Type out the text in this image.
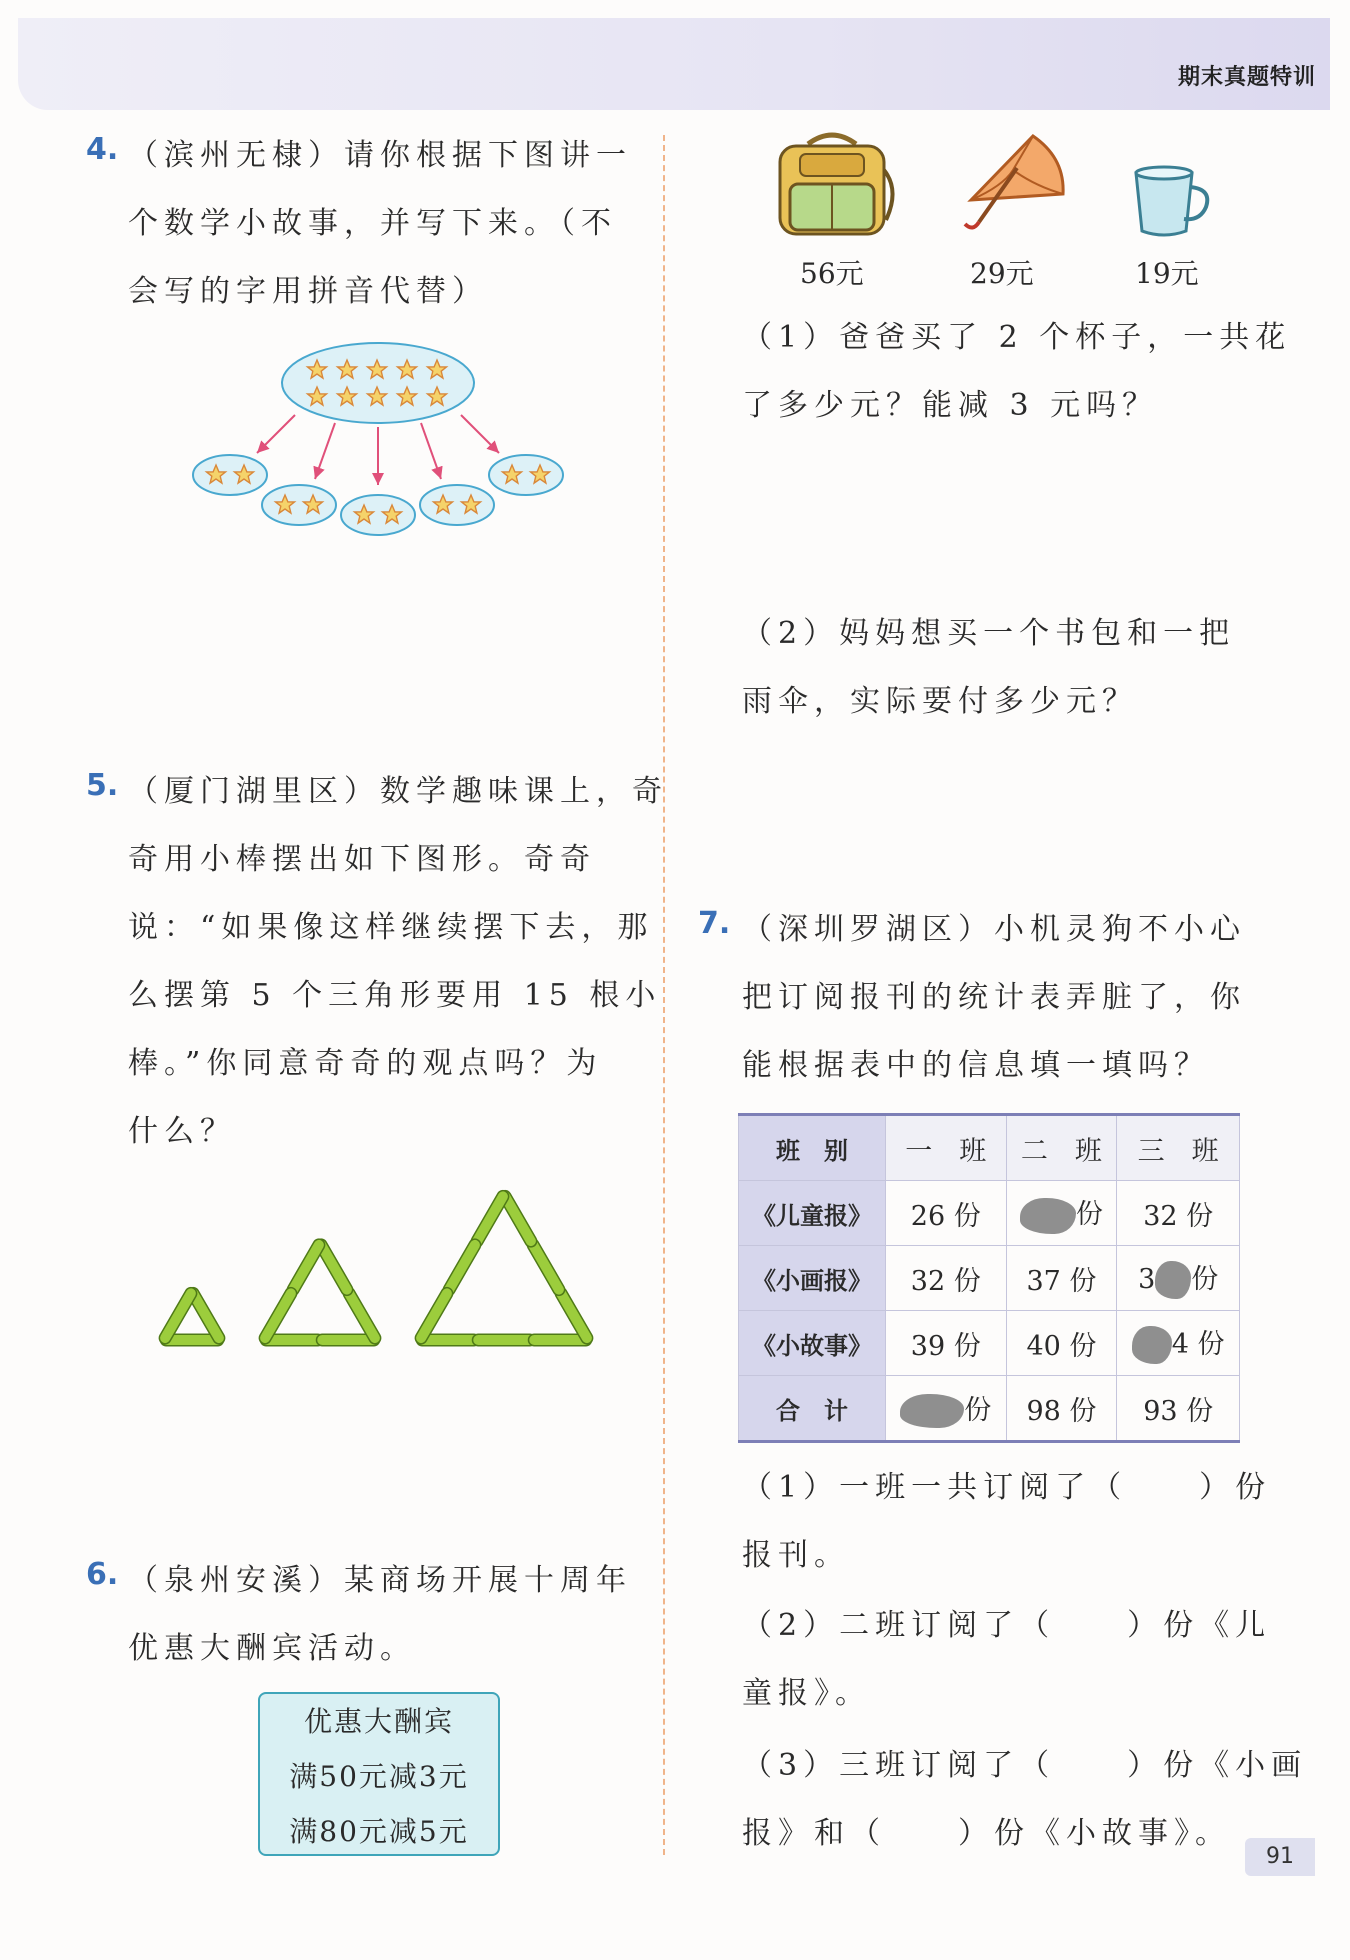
期末真题特训
4. （滨州无棣）请你根据下图讲一
个数学小故事，并写下来。（不
会写的字用拼音代替）
5. （厦门湖里区）数学趣味课上，奇
奇用小棒摆出如下图形。奇奇
说：“如果像这样继续摆下去，那
么摆第 5 个三角形要用 15 根小
棒。”你同意奇奇的观点吗？为
什么？
6. （泉州安溪）某商场开展十周年
优惠大酬宾活动。
优惠大酬宾
满50元减3元
满80元减5元
56元	29元	19元
（1）爸爸买了 2 个杯子，一共花
了多少元？能减 3 元吗？
（2）妈妈想买一个书包和一把
雨伞，实际要付多少元？
7. （深圳罗湖区）小机灵狗不小心
把订阅报刊的统计表弄脏了，你
能根据表中的信息填一填吗？
班　别	一　班	二　班	三　班
《儿童报》	26 份	份	32 份
《小画报》	32 份	37 份	3 份
《小故事》	39 份	40 份	4 份
合　计	份	98 份	93 份
（1）一班一共订阅了（　　）份
报刊。
（2）二班订阅了（　　）份《儿
童报》。
（3）三班订阅了（　　）份《小画
报》和（　　）份《小故事》。
91
